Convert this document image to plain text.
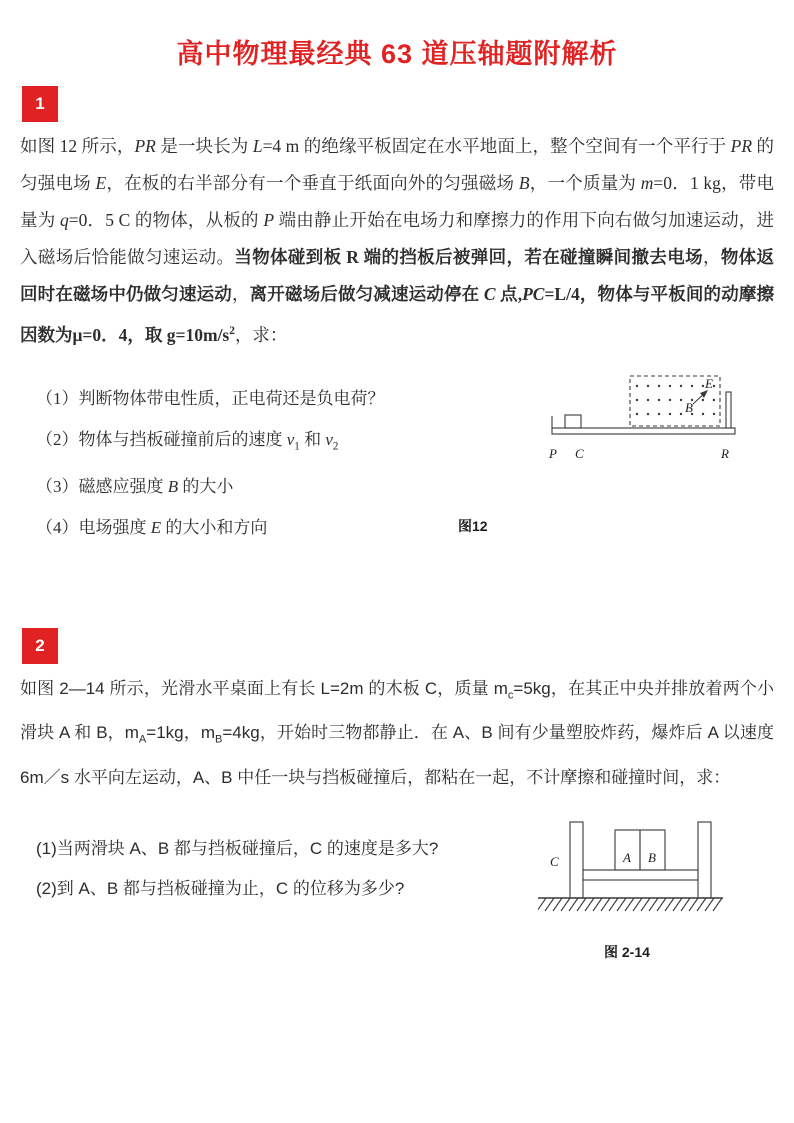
高中物理最经典 63 道压轴题附解析
1
如图 12 所示，PR 是一块长为 L=4 m 的绝缘平板固定在水平地面上，整个空间有一个平行于 PR 的匀强电场 E，在板的右半部分有一个垂直于纸面向外的匀强磁场 B，一个质量为 m=0．1 kg，带电量为 q=0．5 C 的物体，从板的 P 端由静止开始在电场力和摩擦力的作用下向右做匀加速运动，进入磁场后恰能做匀速运动。当物体碰到板 R 端的挡板后被弹回，若在碰撞瞬间撤去电场，物体返回时在磁场中仍做匀速运动，离开磁场后做匀减速运动停在 C 点,PC=L/4，物体与平板间的动摩擦因数为μ=0．4，取 $g=10m/s^2$，求：
（1）判断物体带电性质，正电荷还是负电荷？
（2）物体与挡板碰撞前后的速度 $v_1$ 和 $v_2$
（3）磁感应强度 B 的大小
（4）电场强度 E 的大小和方向
E
B
P C	R
图12
2
如图 2—14 所示，光滑水平桌面上有长 L=2m 的木板 C，质量 $m_c=5kg$，在其正中央并排放着两个小滑块 A 和 B，$m_A=1kg$，$m_B=4kg$，开始时三物都静止．在 A、B 间有少量塑胶炸药，爆炸后 A 以速度 6m／s 水平向左运动，A、B 中任一块与挡板碰撞后，都粘在一起，不计摩擦和碰撞时间，求：
(1)当两滑块 A、B 都与挡板碰撞后，C 的速度是多大?
(2)到 A、B 都与挡板碰撞为止，C 的位移为多少?
C	A B
图 2-14
